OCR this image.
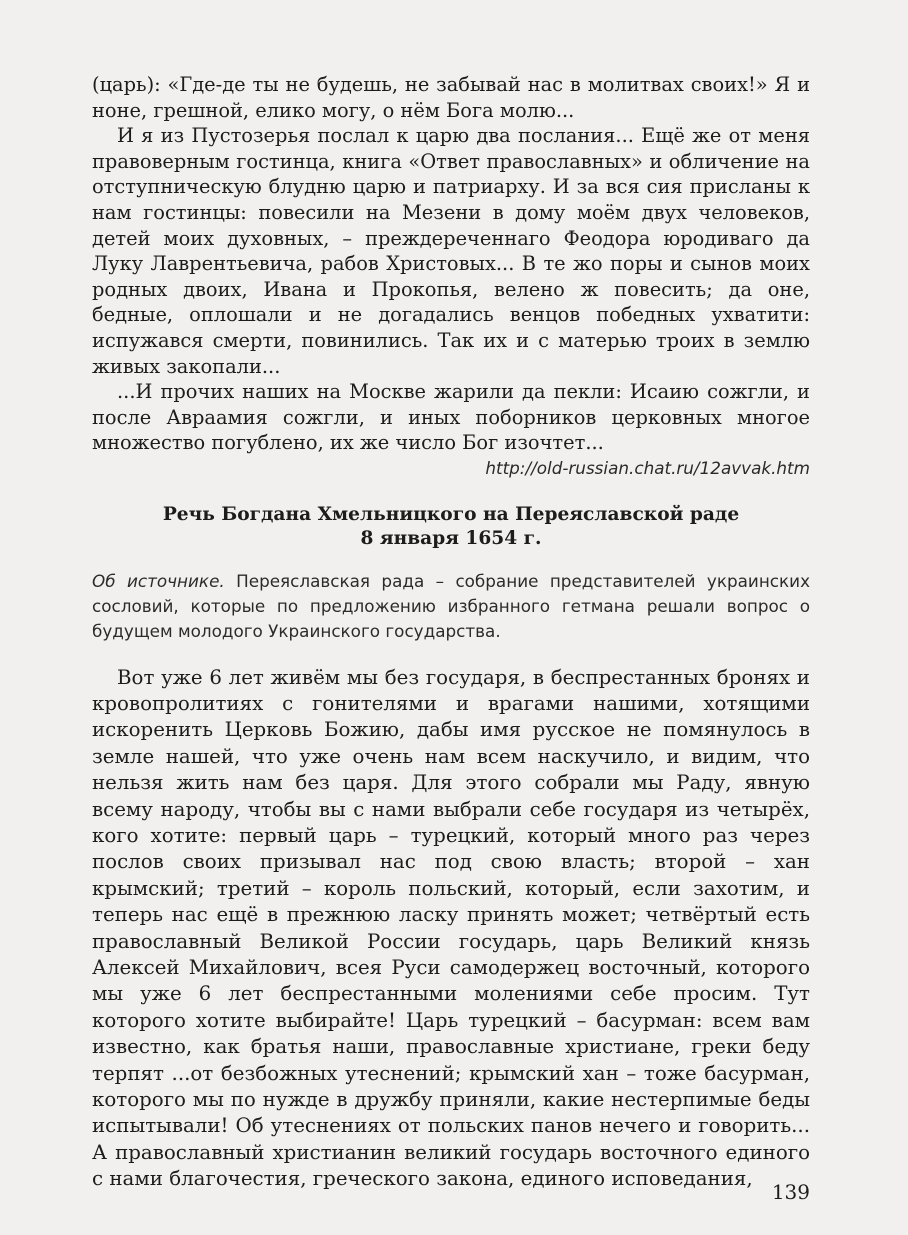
(царь): «Где-де ты не будешь, не забывай нас в молитвах своих!» Я и ноне, грешной, елико могу, о нём Бога молю...

И я из Пустозерья послал к царю два послания... Ещё же от меня правоверным гостинца, книга «Ответ православных» и обличение на отступническую блудню царю и патриарху. И за вся сия присланы к нам гостинцы: повесили на Мезени в дому моём двух человеков, детей моих духовных, – преждереченнаго Феодора юродиваго да Луку Лаврентьевича, рабов Христовых... В те жо поры и сынов моих родных двоих, Ивана и Прокопья, велено ж повесить; да оне, бедные, оплошали и не догадались венцов победных ухватити: испужався смерти, повинились. Так их и с матерью троих в землю живых закопали...

...И прочих наших на Москве жарили да пекли: Исаию сожгли, и после Авраамия сожгли, и иных поборников церковных многое множество погублено, их же число Бог изочтет...

http://old-russian.chat.ru/12avvak.htm

Речь Богдана Хмельницкого на Переяславской раде
8 января 1654 г.

Об источнике. Переяславская рада – собрание представителей украинских сословий, которые по предложению избранного гетмана решали вопрос о будущем молодого Украинского государства.

Вот уже 6 лет живём мы без государя, в беспрестанных бронях и кровопролитиях с гонителями и врагами нашими, хотящими искоренить Церковь Божию, дабы имя русское не помянулось в земле нашей, что уже очень нам всем наскучило, и видим, что нельзя жить нам без царя. Для этого собрали мы Раду, явную всему народу, чтобы вы с нами выбрали себе государя из четырёх, кого хотите: первый царь – турецкий, который много раз через послов своих призывал нас под свою власть; второй – хан крымский; третий – король польский, который, если захотим, и теперь нас ещё в прежнюю ласку принять может; четвёртый есть православный Великой России государь, царь Великий князь Алексей Михайлович, всея Руси самодержец восточный, которого мы уже 6 лет беспрестанными молениями себе просим. Тут которого хотите выбирайте! Царь турецкий – басурман: всем вам известно, как братья наши, православные христиане, греки беду терпят ...от безбожных утеснений; крымский хан – тоже басурман, которого мы по нужде в дружбу приняли, какие нестерпимые беды испытывали! Об утеснениях от польских панов нечего и говорить... А православный христианин великий государь восточного единого с нами благочестия, греческого закона, единого исповедания,

139
